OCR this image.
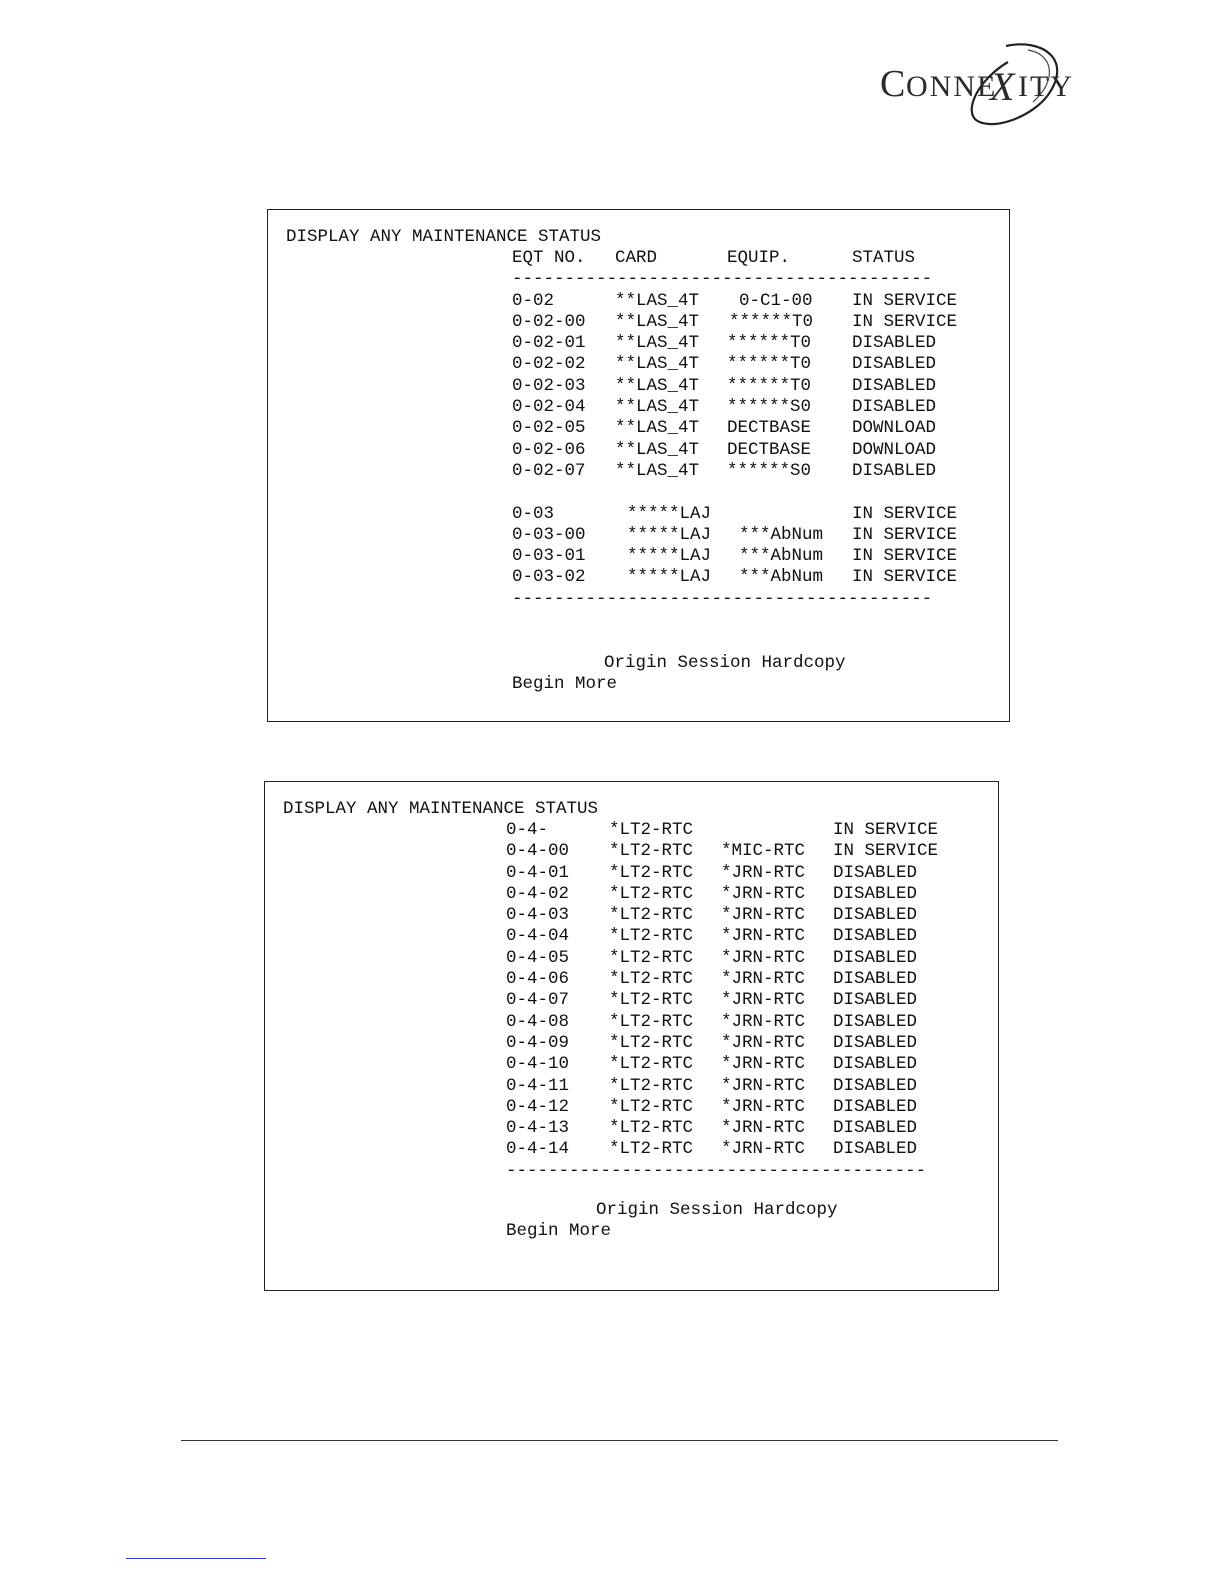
C ONNE
X ITY
DISPLAY ANY MAINTENANCE STATUS
EQT NO. CARD	EQUIP.	STATUS
----------------------------------------
0-02	**LAS_4T 0-C1-00 IN SERVICE
0-02-00 **LAS_4T ******T0 IN SERVICE
0-02-01 **LAS_4T ******T0 DISABLED
0-02-02 **LAS_4T ******T0 DISABLED
0-02-03 **LAS_4T ******T0 DISABLED
0-02-04 **LAS_4T ******S0 DISABLED
0-02-05 **LAS_4T DECTBASE DOWNLOAD
0-02-06 **LAS_4T DECTBASE DOWNLOAD
0-02-07 **LAS_4T ******S0 DISABLED
0-03	*****LAJ	IN SERVICE
0-03-00 *****LAJ ***AbNum IN SERVICE
0-03-01 *****LAJ ***AbNum IN SERVICE
0-03-02 *****LAJ ***AbNum IN SERVICE
----------------------------------------
Origin Session Hardcopy
Begin More
DISPLAY ANY MAINTENANCE STATUS
0-4-	*LT2-RTC	IN SERVICE
0-4-00 *LT2-RTC *MIC-RTC IN SERVICE
0-4-01 *LT2-RTC *JRN-RTC DISABLED
0-4-02 *LT2-RTC *JRN-RTC DISABLED
0-4-03 *LT2-RTC *JRN-RTC DISABLED
0-4-04 *LT2-RTC *JRN-RTC DISABLED
0-4-05 *LT2-RTC *JRN-RTC DISABLED
0-4-06 *LT2-RTC *JRN-RTC DISABLED
0-4-07 *LT2-RTC *JRN-RTC DISABLED
0-4-08 *LT2-RTC *JRN-RTC DISABLED
0-4-09 *LT2-RTC *JRN-RTC DISABLED
0-4-10 *LT2-RTC *JRN-RTC DISABLED
0-4-11 *LT2-RTC *JRN-RTC DISABLED
0-4-12 *LT2-RTC *JRN-RTC DISABLED
0-4-13 *LT2-RTC *JRN-RTC DISABLED
0-4-14 *LT2-RTC *JRN-RTC DISABLED
----------------------------------------
Origin Session Hardcopy
Begin More
